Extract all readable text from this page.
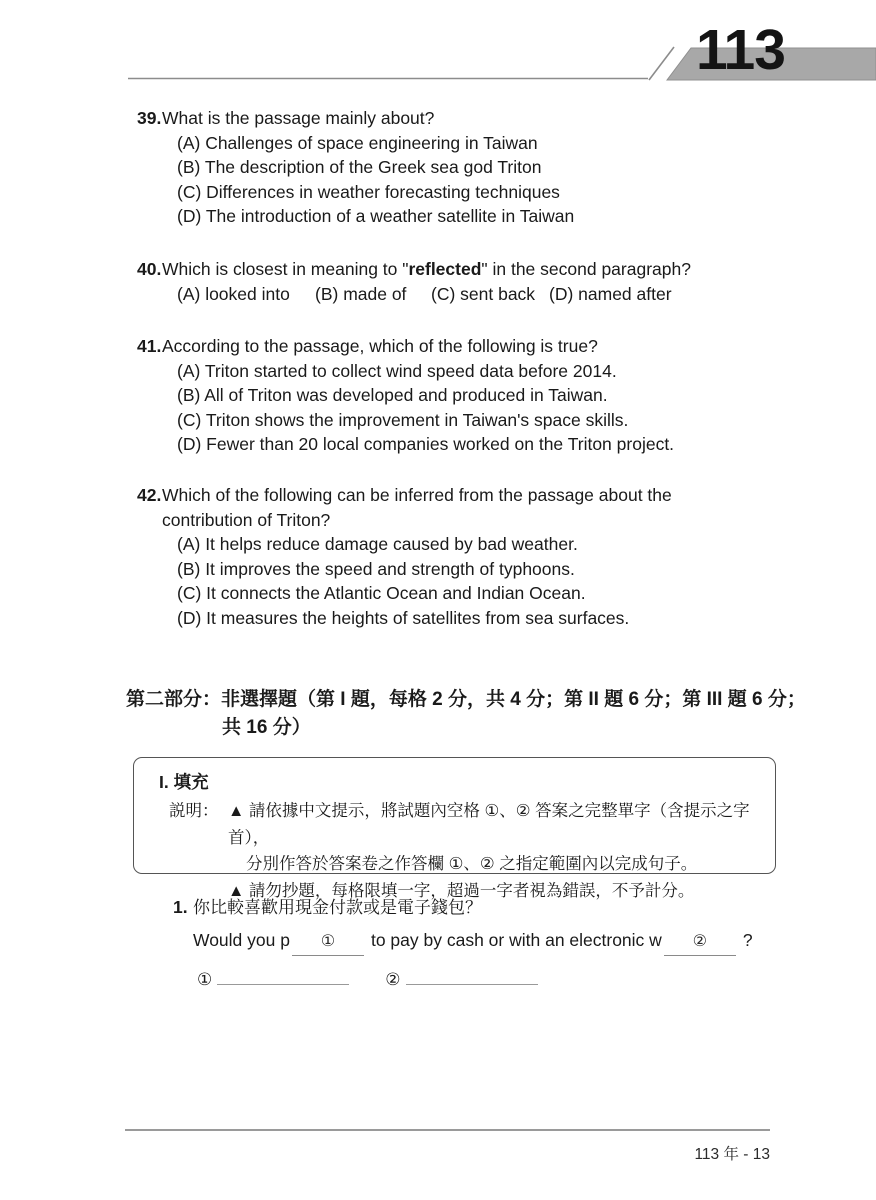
113
39. What is the passage mainly about?
(A) Challenges of space engineering in Taiwan
(B) The description of the Greek sea god Triton
(C) Differences in weather forecasting techniques
(D) The introduction of a weather satellite in Taiwan
40. Which is closest in meaning to "reflected" in the second paragraph?
(A) looked into (B) made of (C) sent back (D) named after
41. According to the passage, which of the following is true?
(A) Triton started to collect wind speed data before 2014.
(B) All of Triton was developed and produced in Taiwan.
(C) Triton shows the improvement in Taiwan's space skills.
(D) Fewer than 20 local companies worked on the Triton project.
42. Which of the following can be inferred from the passage about the contribution of Triton?
(A) It helps reduce damage caused by bad weather.
(B) It improves the speed and strength of typhoons.
(C) It connects the Atlantic Ocean and Indian Ocean.
(D) It measures the heights of satellites from sea surfaces.
第二部分：非選擇題（第 I 題，每格 2 分，共 4 分；第 II 題 6 分；第 III 題 6 分；
共 16 分）
I. 填充
説明： ▲ 請依據中文提示，將試題內空格 ①、② 答案之完整單字（含提示之字首），
分別作答於答案卷之作答欄 ①、② 之指定範圍內以完成句子。
▲ 請勿抄題，每格限填一字，超過一字者視為錯誤，不予計分。
1. 你比較喜歡用現金付款或是電子錢包？
Would you p ① to pay by cash or with an electronic w ② ?
①	②
113 年 - 13
